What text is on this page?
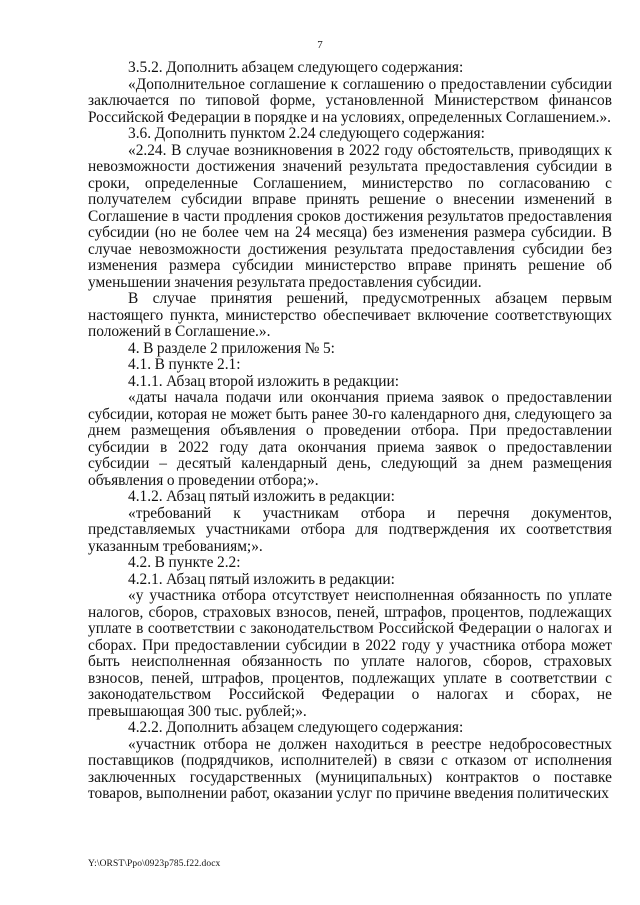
7

3.5.2. Дополнить абзацем следующего содержания:

«Дополнительное соглашение к соглашению о предоставлении субсидии заключается по типовой форме, установленной Министерством финансов Российской Федерации в порядке и на условиях, определенных Соглашением.».

3.6. Дополнить пунктом 2.24 следующего содержания:

«2.24. В случае возникновения в 2022 году обстоятельств, приводящих к невозможности достижения значений результата предоставления субсидии в сроки, определенные Соглашением, министерство по согласованию с получателем субсидии вправе принять решение о внесении изменений в Соглашение в части продления сроков достижения результатов предоставления субсидии (но не более чем на 24 месяца) без изменения размера субсидии. В случае невозможности достижения результата предоставления субсидии без изменения размера субсидии министерство вправе принять решение об уменьшении значения результата предоставления субсидии.

В случае принятия решений, предусмотренных абзацем первым настоящего пункта, министерство обеспечивает включение соответствующих положений в Соглашение.».

4. В разделе 2 приложения № 5:

4.1. В пункте 2.1:

4.1.1. Абзац второй изложить в редакции:

«даты начала подачи или окончания приема заявок о предоставлении субсидии, которая не может быть ранее 30-го календарного дня, следующего за днем размещения объявления о проведении отбора. При предоставлении субсидии в 2022 году дата окончания приема заявок о предоставлении субсидии – десятый календарный день, следующий за днем размещения объявления о проведении отбора;».

4.1.2. Абзац пятый изложить в редакции:

«требований к участникам отбора и перечня документов, представляемых участниками отбора для подтверждения их соответствия указанным требованиям;».

4.2. В пункте 2.2:

4.2.1. Абзац пятый изложить в редакции:

«у участника отбора отсутствует неисполненная обязанность по уплате налогов, сборов, страховых взносов, пеней, штрафов, процентов, подлежащих уплате в соответствии с законодательством Российской Федерации о налогах и сборах. При предоставлении субсидии в 2022 году у участника отбора может быть неисполненная обязанность по уплате налогов, сборов, страховых взносов, пеней, штрафов, процентов, подлежащих уплате в соответствии с законодательством Российской Федерации о налогах и сборах, не превышающая 300 тыс. рублей;».

4.2.2. Дополнить абзацем следующего содержания:

«участник отбора не должен находиться в реестре недобросовестных поставщиков (подрядчиков, исполнителей) в связи с отказом от исполнения заключенных государственных (муниципальных) контрактов о поставке товаров, выполнении работ, оказании услуг по причине введения политических

Y:\ORST\Ppo\0923p785.f22.docx
